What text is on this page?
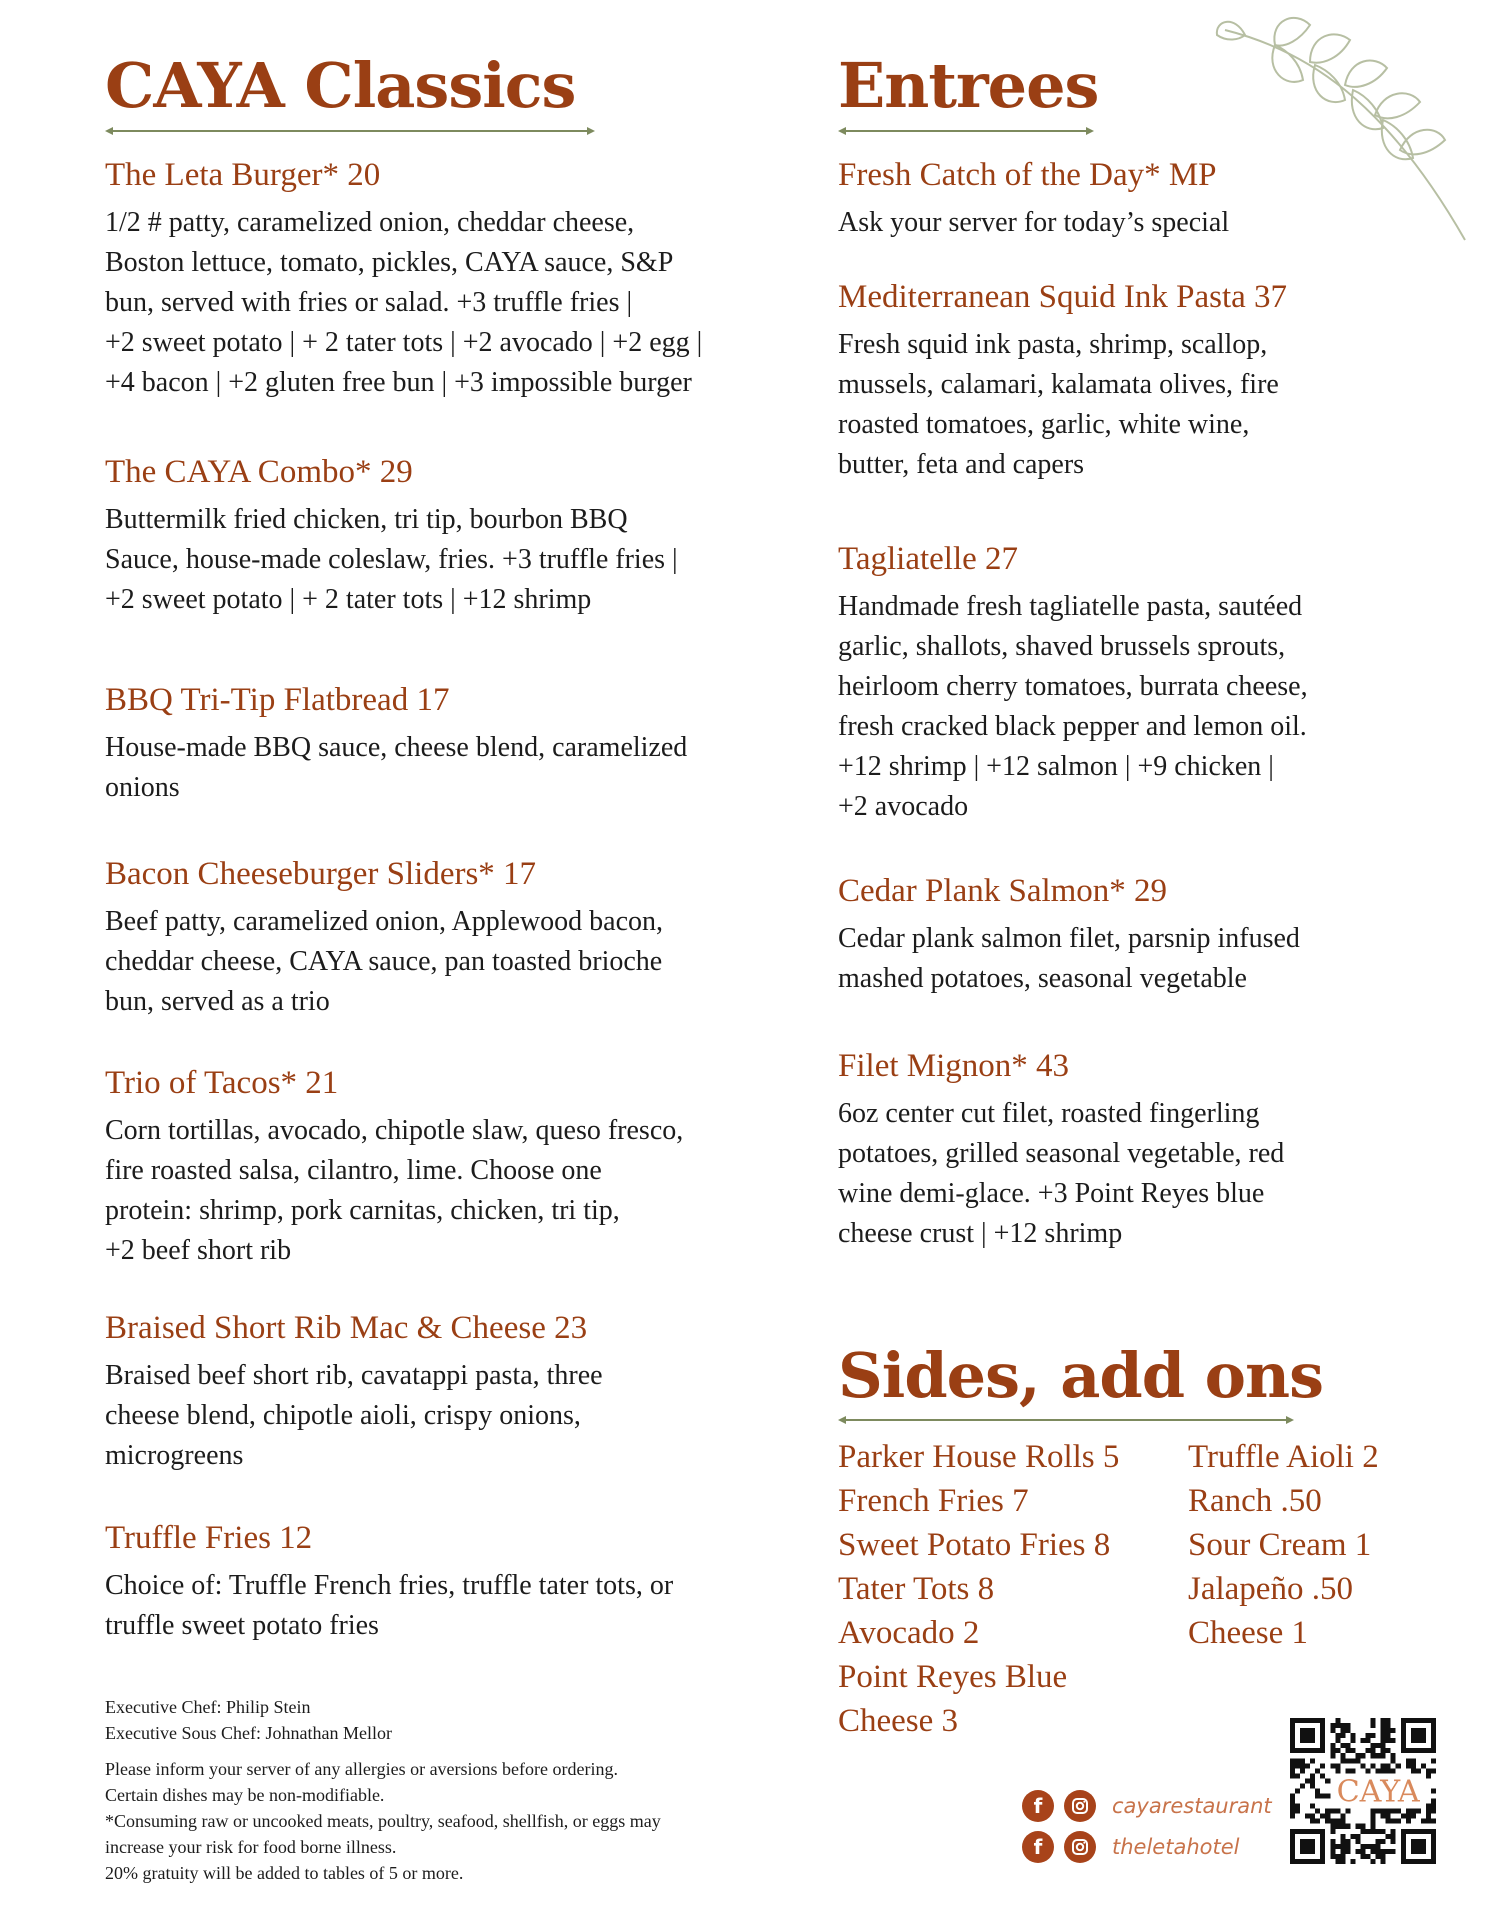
CAYA Classics
The Leta Burger* 20
1/2 # patty, caramelized onion, cheddar cheese,
Boston lettuce, tomato, pickles, CAYA sauce, S&P
bun, served with fries or salad. +3 truffle fries |
+2 sweet potato | + 2 tater tots | +2 avocado | +2 egg |
+4 bacon | +2 gluten free bun | +3 impossible burger
The CAYA Combo* 29
Buttermilk fried chicken, tri tip, bourbon BBQ
Sauce, house-made coleslaw, fries. +3 truffle fries |
+2 sweet potato | + 2 tater tots | +12 shrimp
BBQ Tri-Tip Flatbread 17
House-made BBQ sauce, cheese blend, caramelized
onions
Bacon Cheeseburger Sliders* 17
Beef patty, caramelized onion, Applewood bacon,
cheddar cheese, CAYA sauce, pan toasted brioche
bun, served as a trio
Trio of Tacos* 21
Corn tortillas, avocado, chipotle slaw, queso fresco,
fire roasted salsa, cilantro, lime. Choose one
protein: shrimp, pork carnitas, chicken, tri tip,
+2 beef short rib
Braised Short Rib Mac & Cheese 23
Braised beef short rib, cavatappi pasta, three
cheese blend, chipotle aioli, crispy onions,
microgreens
Truffle Fries 12
Choice of: Truffle French fries, truffle tater tots, or
truffle sweet potato fries
Entrees
Fresh Catch of the Day* MP
Ask your server for today’s special
Mediterranean Squid Ink Pasta 37
Fresh squid ink pasta, shrimp, scallop,
mussels, calamari, kalamata olives, fire
roasted tomatoes, garlic, white wine,
butter, feta and capers
Tagliatelle 27
Handmade fresh tagliatelle pasta, sautéed
garlic, shallots, shaved brussels sprouts,
heirloom cherry tomatoes, burrata cheese,
fresh cracked black pepper and lemon oil.
+12 shrimp | +12 salmon | +9 chicken |
+2 avocado
Cedar Plank Salmon* 29
Cedar plank salmon filet, parsnip infused
mashed potatoes, seasonal vegetable
Filet Mignon* 43
6oz center cut filet, roasted fingerling
potatoes, grilled seasonal vegetable, red
wine demi-glace. +3 Point Reyes blue
cheese crust | +12 shrimp
Sides, add ons
Parker House Rolls 5
French Fries 7
Sweet Potato Fries 8
Tater Tots 8
Avocado 2
Point Reyes Blue
Cheese 3
Truffle Aioli 2
Ranch .50
Sour Cream 1
Jalapeño .50
Cheese 1
Executive Chef: Philip Stein
Executive Sous Chef: Johnathan Mellor
Please inform your server of any allergies or aversions before ordering.
Certain dishes may be non-modifiable.
*Consuming raw or uncooked meats, poultry, seafood, shellfish, or eggs may
increase your risk for food borne illness.
20% gratuity will be added to tables of 5 or more.
f	cayarestaurant
f	theletahotel
CAYA
